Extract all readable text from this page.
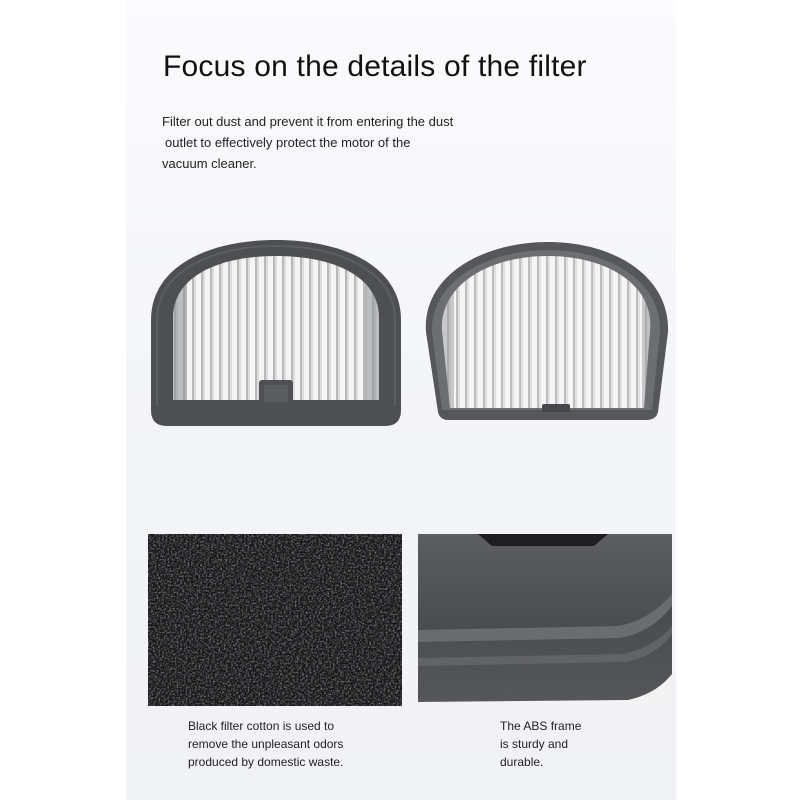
Focus on the details of the filter
Filter out dust and prevent it from entering the dust
outlet to effectively protect the motor of the
vacuum cleaner.
Black filter cotton is used to
remove the unpleasant odors
produced by domestic waste.
The ABS frame
is sturdy and
durable.
